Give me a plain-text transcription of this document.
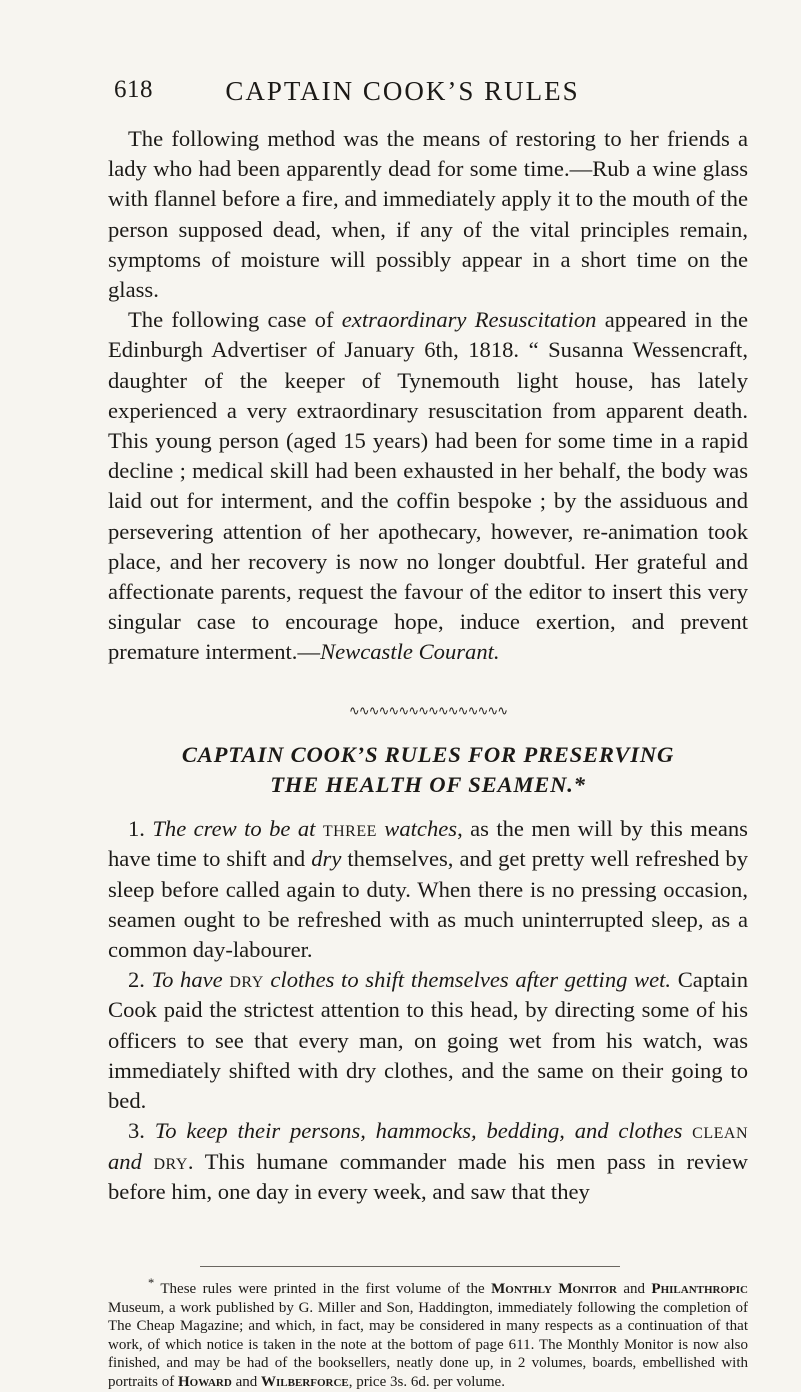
618	CAPTAIN COOK’S RULES

The following method was the means of restoring to her friends a lady who had been apparently dead for some time.—Rub a wine glass with flannel before a fire, and immediately apply it to the mouth of the person supposed dead, when, if any of the vital principles remain, symptoms of moisture will possibly appear in a short time on the glass.

The following case of extraordinary Resuscitation appeared in the Edinburgh Advertiser of January 6th, 1818. “ Susanna Wessencraft, daughter of the keeper of Tynemouth light house, has lately experienced a very extraordinary resuscitation from apparent death. This young person (aged 15 years) had been for some time in a rapid decline ; medical skill had been exhausted in her behalf, the body was laid out for interment, and the coffin bespoke ; by the assiduous and persevering attention of her apothecary, however, re-animation took place, and her recovery is now no longer doubtful. Her grateful and affectionate parents, request the favour of the editor to insert this very singular case to encourage hope, induce exertion, and prevent premature interment.—Newcastle Courant.

∿∿∿∿∿∿∿∿∿∿∿∿∿∿∿∿
CAPTAIN COOK’S RULES FOR PRESERVING
THE HEALTH OF SEAMEN.*

1. The crew to be at three watches, as the men will by this means have time to shift and dry themselves, and get pretty well refreshed by sleep before called again to duty. When there is no pressing occasion, seamen ought to be refreshed with as much uninterrupted sleep, as a common day-labourer.

2. To have dry clothes to shift themselves after getting wet. Captain Cook paid the strictest attention to this head, by directing some of his officers to see that every man, on going wet from his watch, was immediately shifted with dry clothes, and the same on their going to bed.

3. To keep their persons, hammocks, bedding, and clothes clean and dry. This humane commander made his men pass in review before him, one day in every week, and saw that they

* These rules were printed in the first volume of the Monthly Monitor and Philanthropic Museum, a work published by G. Miller and Son, Haddington, immediately following the completion of The Cheap Magazine; and which, in fact, may be considered in many respects as a continuation of that work, of which notice is taken in the note at the bottom of page 611. The Monthly Monitor is now also finished, and may be had of the booksellers, neatly done up, in 2 volumes, boards, embellished with portraits of Howard and Wilberforce, price 3s. 6d. per volume.
